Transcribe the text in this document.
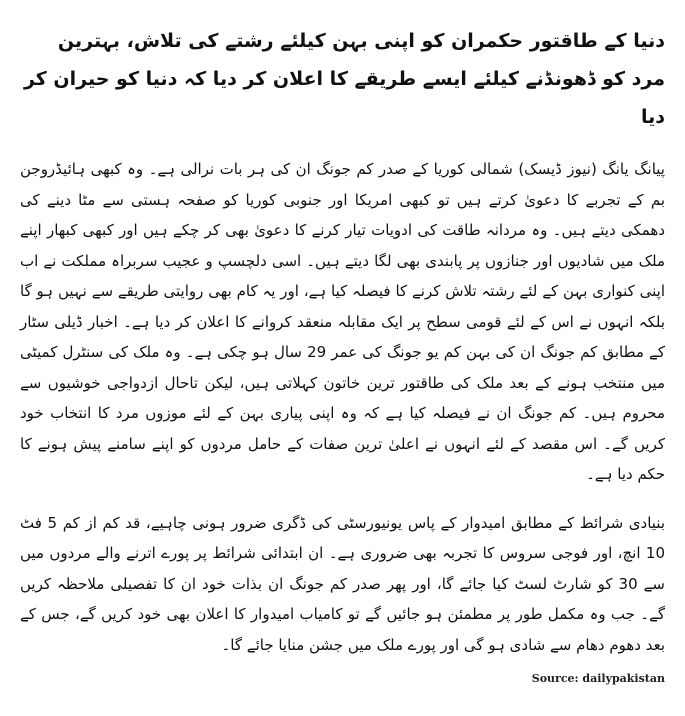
دنیا کے طاقتور حکمران کو اپنی بہن کیلئے رشتے کی تلاش، بہترین مرد کو ڈھونڈنے کیلئے ایسے طریقے کا اعلان کر دیا کہ دنیا کو حیران کر دیا

پیانگ یانگ (نیوز ڈیسک) شمالی کوریا کے صدر کم جونگ ان کی ہر بات نرالی ہے۔ وہ کبھی ہائیڈروجن بم کے تجربے کا دعویٰ کرتے ہیں تو کبھی امریکا اور جنوبی کوریا کو صفحہ ہستی سے مٹا دینے کی دھمکی دیتے ہیں۔ وہ مردانہ طاقت کی ادویات تیار کرنے کا دعویٰ بھی کر چکے ہیں اور کبھی کبھار اپنے ملک میں شادیوں اور جنازوں پر پابندی بھی لگا دیتے ہیں۔ اسی دلچسپ و عجیب سربراہ مملکت نے اب اپنی کنواری بہن کے لئے رشتہ تلاش کرنے کا فیصلہ کیا ہے، اور یہ کام بھی روایتی طریقے سے نہیں ہو گا بلکہ انہوں نے اس کے لئے قومی سطح پر ایک مقابلہ منعقد کروانے کا اعلان کر دیا ہے۔ اخبار ڈیلی سٹار کے مطابق کم جونگ ان کی بہن کم یو جونگ کی عمر 29 سال ہو چکی ہے۔ وہ ملک کی سنٹرل کمیٹی میں منتخب ہونے کے بعد ملک کی طاقتور ترین خاتون کہلاتی ہیں، لیکن تاحال ازدواجی خوشیوں سے محروم ہیں۔ کم جونگ ان نے فیصلہ کیا ہے کہ وہ اپنی پیاری بہن کے لئے موزوں مرد کا انتخاب خود کریں گے۔ اس مقصد کے لئے انہوں نے اعلیٰ ترین صفات کے حامل مردوں کو اپنے سامنے پیش ہونے کا حکم دیا ہے۔

بنیادی شرائط کے مطابق امیدوار کے پاس یونیورسٹی کی ڈگری ضرور ہونی چاہیے، قد کم از کم 5 فٹ 10 انچ، اور فوجی سروس کا تجربہ بھی ضروری ہے۔ ان ابتدائی شرائط پر پورے اترنے والے مردوں میں سے 30 کو شارٹ لسٹ کیا جائے گا، اور پھر صدر کم جونگ ان بذات خود ان کا تفصیلی ملاحظہ کریں گے۔ جب وہ مکمل طور پر مطمئن ہو جائیں گے تو کامیاب امیدوار کا اعلان بھی خود کریں گے، جس کے بعد دھوم دھام سے شادی ہو گی اور پورے ملک میں جشن منایا جائے گا۔

Source: dailypakistan
